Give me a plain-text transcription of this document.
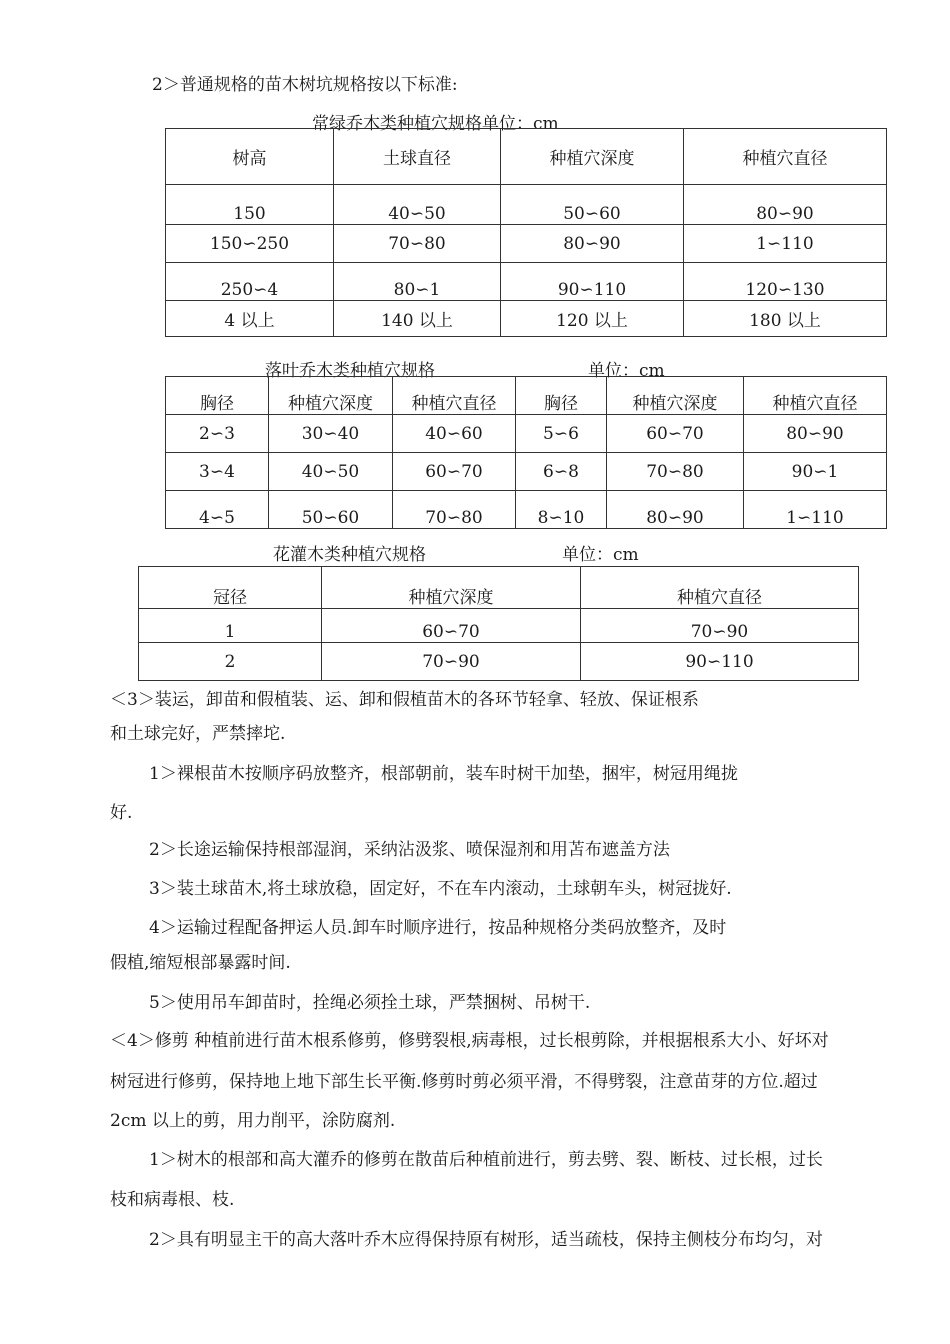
2＞普通规格的苗木树坑规格按以下标准:
常绿乔木类种植穴规格单位：cm
树高	土球直径	种植穴深度	种植穴直径
150	40∽50	50∽60	80∽90
150∽250	70∽80	80∽90	1∽110
250∽4	80∽1	90∽110	120∽130
4 以上	140 以上	120 以上	180 以上
落叶乔木类种植穴规格	单位：cm
胸径	种植穴深度	种植穴直径	胸径	种植穴深度	种植穴直径
2∽3	30∽40	40∽60	5∽6	60∽70	80∽90
3∽4	40∽50	60∽70	6∽8	70∽80	90∽1
4∽5	50∽60	70∽80	8∽10	80∽90	1∽110
花灌木类种植穴规格	单位：cm
冠径	种植穴深度	种植穴直径
1	60∽70	70∽90
2	70∽90	90∽110
＜3＞装运，卸苗和假植装、运、卸和假植苗木的各环节轻拿、轻放、保证根系
和土球完好，严禁摔坨.
1＞裸根苗木按顺序码放整齐，根部朝前，装车时树干加垫，捆牢，树冠用绳拢
好.
2＞长途运输保持根部湿润，采纳沾汲浆、喷保湿剂和用苫布遮盖方法
3＞装土球苗木,将土球放稳，固定好，不在车内滚动，土球朝车头，树冠拢好.
4＞运输过程配备押运人员.卸车时顺序进行，按品种规格分类码放整齐，及时
假植,缩短根部暴露时间.
5＞使用吊车卸苗时，拴绳必须拴土球，严禁捆树、吊树干.
＜4＞修剪 种植前进行苗木根系修剪，修劈裂根,病毒根，过长根剪除，并根据根系大小、好坏对
树冠进行修剪，保持地上地下部生长平衡.修剪时剪必须平滑，不得劈裂，注意苗芽的方位.超过
2cm 以上的剪，用力削平，涂防腐剂.
1＞树木的根部和高大灌乔的修剪在散苗后种植前进行，剪去劈、裂、断枝、过长根，过长
枝和病毒根、枝.
2＞具有明显主干的高大落叶乔木应得保持原有树形，适当疏枝，保持主侧枝分布均匀，对
